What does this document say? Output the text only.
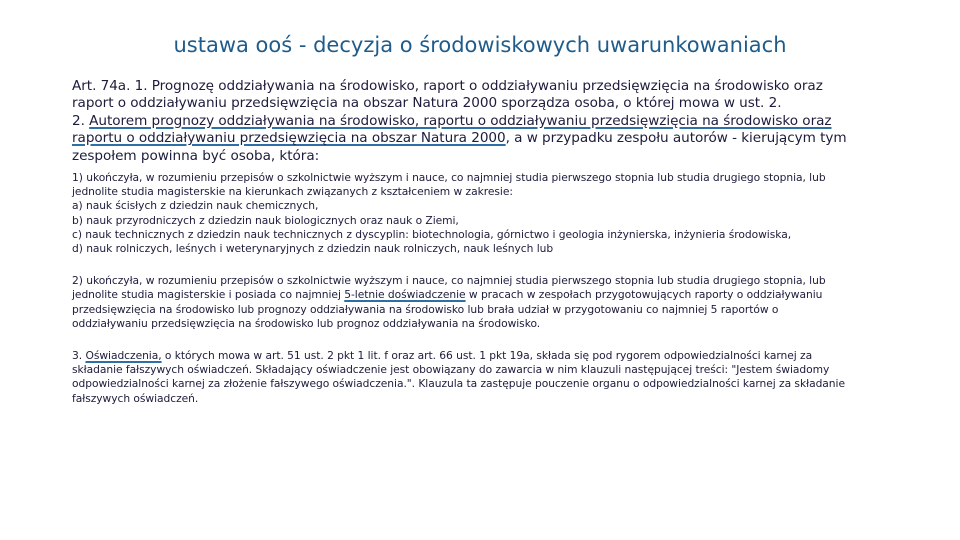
ustawa ooś - decyzja o środowiskowych uwarunkowaniach

Art. 74a. 1. Prognozę oddziaływania na środowisko, raport o oddziaływaniu przedsięwzięcia na środowisko oraz raport o oddziaływaniu przedsięwzięcia na obszar Natura 2000 sporządza osoba, o której mowa w ust. 2.

2. Autorem prognozy oddziaływania na środowisko, raportu o oddziaływaniu przedsięwzięcia na środowisko oraz raportu o oddziaływaniu przedsięwzięcia na obszar Natura 2000, a w przypadku zespołu autorów - kierującym tym zespołem powinna być osoba, która:

1) ukończyła, w rozumieniu przepisów o szkolnictwie wyższym i nauce, co najmniej studia pierwszego stopnia lub studia drugiego stopnia, lub jednolite studia magisterskie na kierunkach związanych z kształceniem w zakresie:

a) nauk ścisłych z dziedzin nauk chemicznych,

b) nauk przyrodniczych z dziedzin nauk biologicznych oraz nauk o Ziemi,

c) nauk technicznych z dziedzin nauk technicznych z dyscyplin: biotechnologia, górnictwo i geologia inżynierska, inżynieria środowiska,

d) nauk rolniczych, leśnych i weterynaryjnych z dziedzin nauk rolniczych, nauk leśnych lub

2) ukończyła, w rozumieniu przepisów o szkolnictwie wyższym i nauce, co najmniej studia pierwszego stopnia lub studia drugiego stopnia, lub jednolite studia magisterskie i posiada co najmniej 5-letnie doświadczenie w pracach w zespołach przygotowujących raporty o oddziaływaniu przedsięwzięcia na środowisko lub prognozy oddziaływania na środowisko lub brała udział w przygotowaniu co najmniej 5 raportów o oddziaływaniu przedsięwzięcia na środowisko lub prognoz oddziaływania na środowisko.

3. Oświadczenia, o których mowa w art. 51 ust. 2 pkt 1 lit. f oraz art. 66 ust. 1 pkt 19a, składa się pod rygorem odpowiedzialności karnej za składanie fałszywych oświadczeń. Składający oświadczenie jest obowiązany do zawarcia w nim klauzuli następującej treści: "Jestem świadomy odpowiedzialności karnej za złożenie fałszywego oświadczenia.". Klauzula ta zastępuje pouczenie organu o odpowiedzialności karnej za składanie fałszywych oświadczeń.
